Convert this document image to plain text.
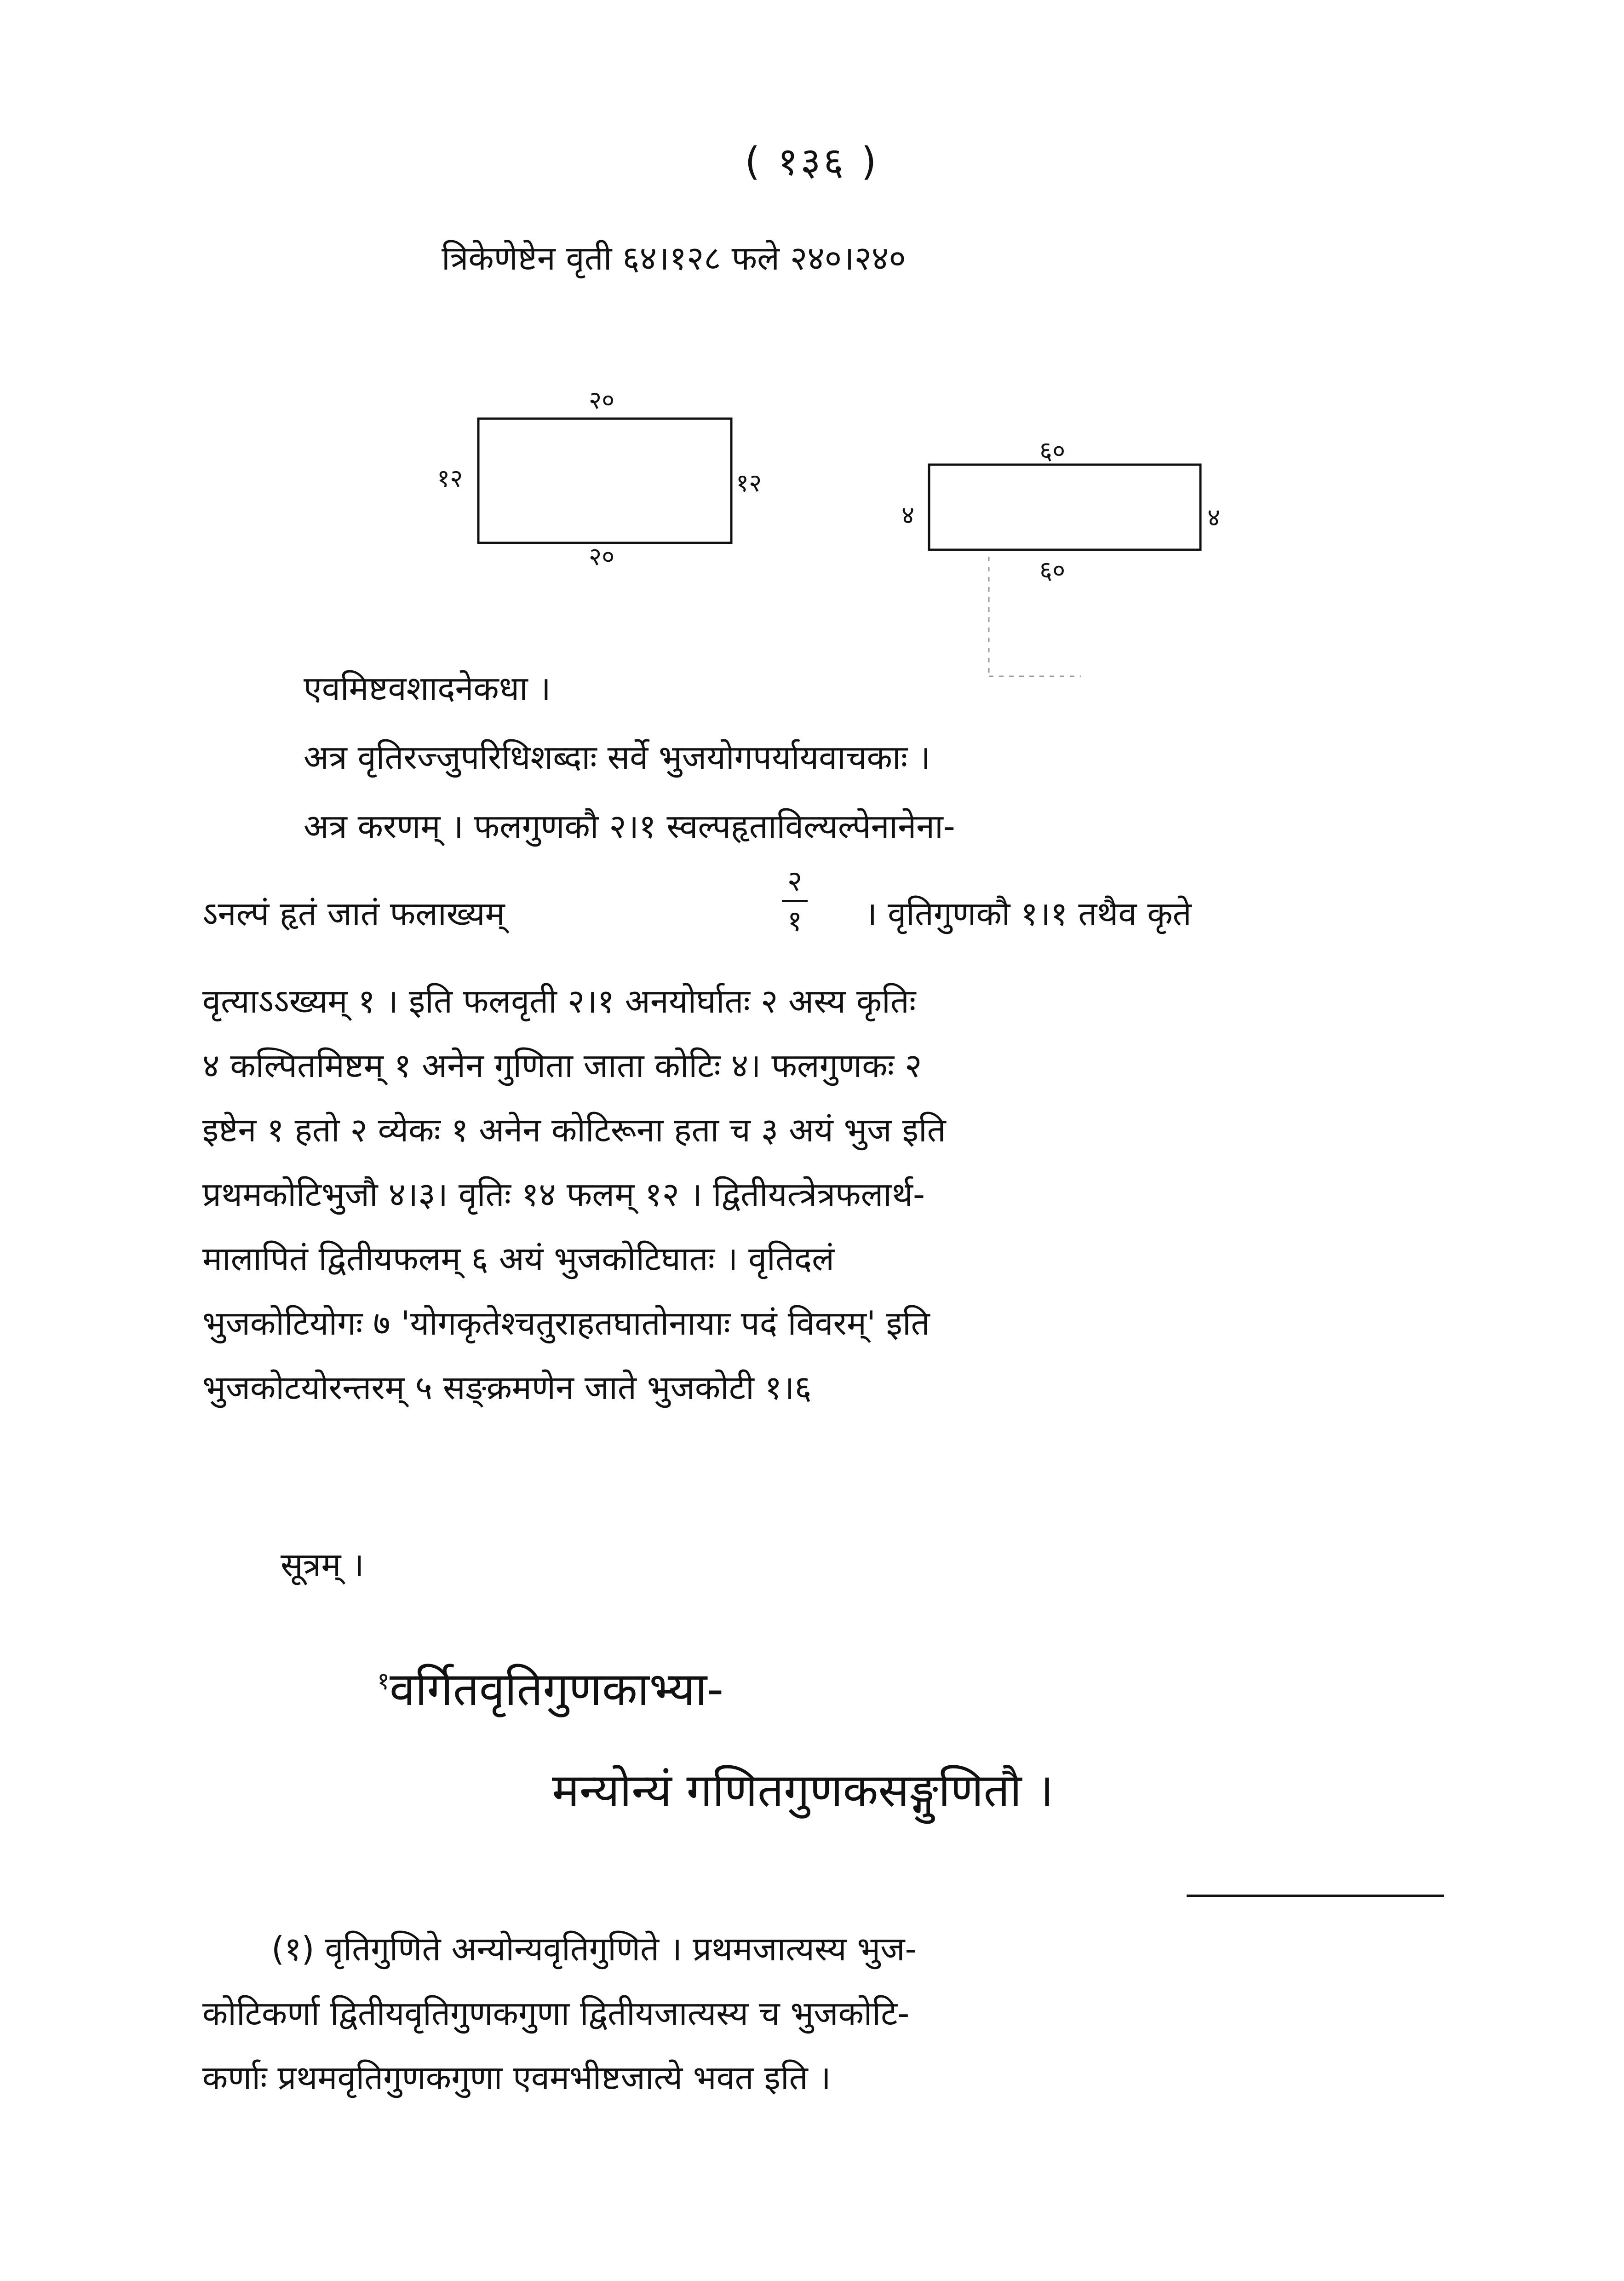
( १३६ )
त्रिकेणेष्टेन वृती ६४।१२८ फले २४०।२४०
२०
२०
१२	१२
६०
६०
४	४
एवमिष्टवशादनेकधा ।
अत्र वृतिरज्जुपरिधिशब्दाः सर्वे भुजयोगपर्यायवाचकाः ।
अत्र करणम् । फलगुणकौ २।१ स्वल्पहृताविल्यल्पेनानेना-
ऽनल्पं हृतं जातं फलाख्यम्
२
१ । वृतिगुणकौ १।१ तथैव कृते
वृत्याऽऽख्यम् १ । इति फलवृती २।१ अनयोर्घातः २ अस्य कृतिः
४ कल्पितमिष्टम् १ अनेन गुणिता जाता कोटिः ४। फलगुणकः २
इष्टेन १ हतो २ व्येकः १ अनेन कोटिरूना हता च ३ अयं भुज इति
प्रथमकोटिभुजौ ४।३। वृतिः १४ फलम् १२ । द्वितीयत्त्रेत्रफलार्थ-
मालापितं द्वितीयफलम् ६ अयं भुजकोटिघातः । वृतिदलं
भुजकोटियोगः ७ 'योगकृतेश्चतुराहतघातोनायाः पदं विवरम्' इति
भुजकोटयोरन्तरम् ५ सङ्क्रमणेन जाते भुजकोटी १।६
सूत्रम् ।
$^१$वर्गितवृतिगुणकाभ्या-
मन्योन्यं गणितगुणकसङ्गुणितौ ।
(१) वृतिगुणिते अन्योन्यवृतिगुणिते । प्रथमजात्यस्य भुज-
कोटिकर्णा द्वितीयवृतिगुणकगुणा द्वितीयजात्यस्य च भुजकोटि-
कर्णाः प्रथमवृतिगुणकगुणा एवमभीष्टजात्ये भवत इति ।
